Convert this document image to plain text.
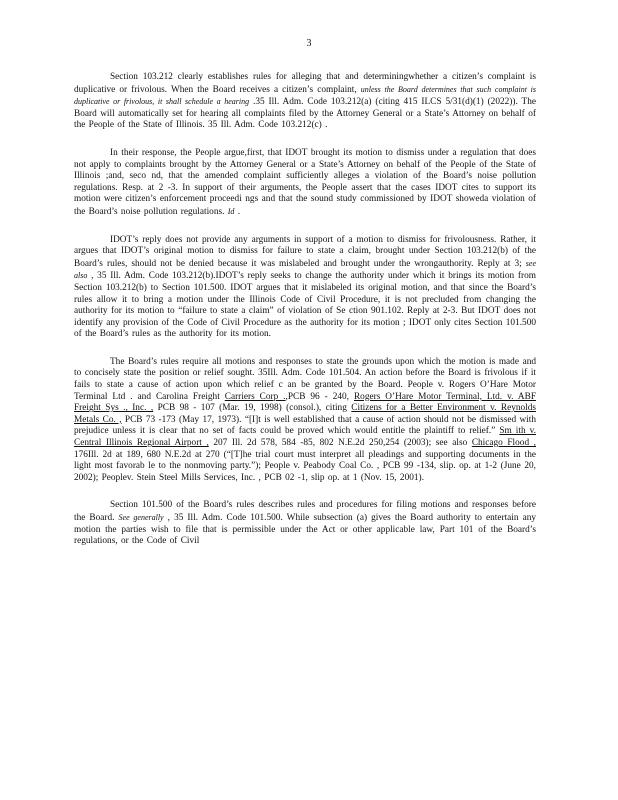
3

Section 103.212 clearly establishes rules for alleging that and determiningwhether a citizen’s complaint is duplicative or frivolous. When the Board receives a citizen’s complaint, unless the Board determines that such complaint is duplicative or frivolous, it shall schedule a hearing .35 Ill. Adm. Code 103.212(a) (citing 415 ILCS 5/31(d)(1) (2022)). The Board will automatically set for hearing all complaints filed by the Attorney General or a State’s Attorney on behalf of the People of the State of Illinois. 35 Ill. Adm. Code 103.212(c) .

In their response, the People argue,first, that IDOT brought its motion to dismiss under a regulation that does not apply to complaints brought by the Attorney General or a State’s Attorney on behalf of the People of the State of Illinois ;and, seco nd, that the amended complaint sufficiently alleges a violation of the Board’s noise pollution regulations. Resp. at 2 -3. In support of their arguments, the People assert that the cases IDOT cites to support its motion were citizen’s enforcement proceedi ngs and that the sound study commissioned by IDOT showeda violation of the Board’s noise pollution regulations. Id .

IDOT’s reply does not provide any arguments in support of a motion to dismiss for frivolousness. Rather, it argues that IDOT’s original motion to dismiss for failure to state a claim, brought under Section 103.212(b) of the Board’s rules, should not be denied because it was mislabeled and brought under the wrongauthority. Reply at 3; see also , 35 Ill. Adm. Code 103.212(b).IDOT’s reply seeks to change the authority under which it brings its motion from Section 103.212(b) to Section 101.500. IDOT argues that it mislabeled its original motion, and that since the Board’s rules allow it to bring a motion under the Illinois Code of Civil Procedure, it is not precluded from changing the authority for its motion to “failure to state a claim” of violation of Se ction 901.102. Reply at 2-3. But IDOT does not identify any provision of the Code of Civil Procedure as the authority for its motion ; IDOT only cites Section 101.500 of the Board’s rules as the authority for its motion.

The Board’s rules require all motions and responses to state the grounds upon which the motion is made and to concisely state the position or relief sought. 35Ill. Adm. Code 101.504. An action before the Board is frivolous if it fails to state a cause of action upon which relief c an be granted by the Board. People v. Rogers O’Hare Motor Terminal Ltd . and Carolina Freight Carriers Corp .,PCB 96 - 240, Rogers O’Hare Motor Terminal, Ltd. v. ABF Freight Sys ., Inc. , PCB 98 - 107 (Mar. 19, 1998) (consol.), citing Citizens for a Better Environment v. Reynolds Metals Co. , PCB 73 -173 (May 17, 1973). “[I]t is well established that a cause of action should not be dismissed with prejudice unless it is clear that no set of facts could be proved which would entitle the plaintiff to relief.” Sm ith v. Central Illinois Regional Airport , 207 Ill. 2d 578, 584 -85, 802 N.E.2d 250,254 (2003); see also Chicago Flood , 176Ill. 2d at 189, 680 N.E.2d at 270 (“[T]he trial court must interpret all pleadings and supporting documents in the light most favorab le to the nonmoving party.”); People v. Peabody Coal Co. , PCB 99 -134, slip. op. at 1-2 (June 20, 2002); Peoplev. Stein Steel Mills Services, Inc. , PCB 02 -1, slip op. at 1 (Nov. 15, 2001).

Section 101.500 of the Board’s rules describes rules and procedures for filing motions and responses before the Board. See generally , 35 Ill. Adm. Code 101.500. While subsection (a) gives the Board authority to entertain any motion the parties wish to file that is permissible under the Act or other applicable law, Part 101 of the Board’s regulations, or the Code of Civil
